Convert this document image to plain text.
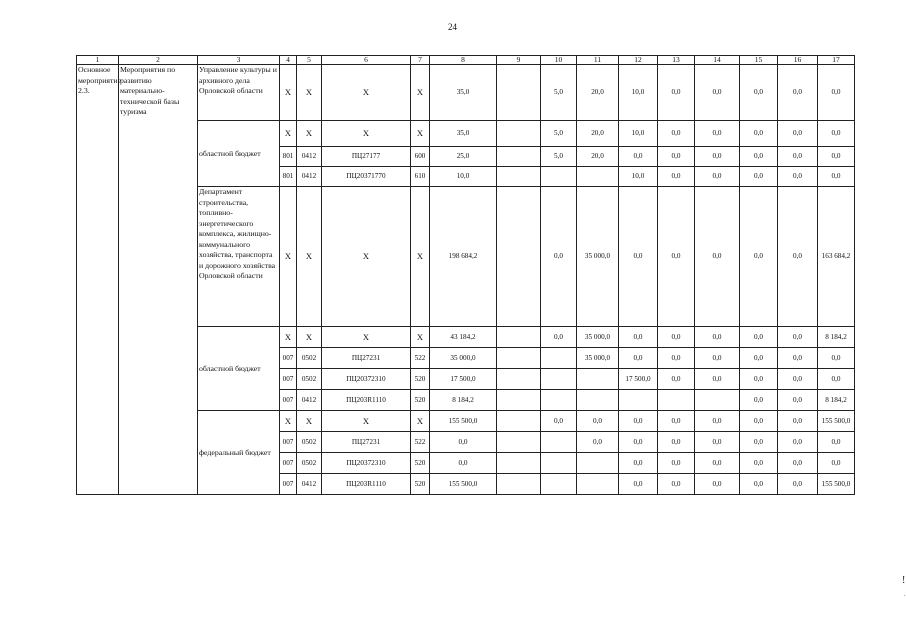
24
1	2	3	4	5	6	7	8	9	10	11	12	13	14	15	16	17
Основное мероприятие 2.3.	Мероприятия по развитию материально-технической базы туризма	Управление культуры и архивного дела Орловской области	X	X	X	X	35,0		5,0	20,0	10,0	0,0	0,0	0,0	0,0	0,0
		областной бюджет	X	X	X	X	35,0		5,0	20,0	10,0	0,0	0,0	0,0	0,0	0,0
			801	0412	ПЦ27177	600	25,0		5,0	20,0	0,0	0,0	0,0	0,0	0,0	0,0
			801	0412	ПЦ20371770	610	10,0				10,0	0,0	0,0	0,0	0,0	0,0
		Департамент строительства, топливно-энергетического комплекса, жилищно-коммунального хозяйства, транспорта и дорожного хозяйства Орловской области	X	X	X	X	198 684,2		0,0	35 000,0	0,0	0,0	0,0	0,0	0,0	163 684,2
		областной бюджет	X	X	X	X	43 184,2		0,0	35 000,0	0,0	0,0	0,0	0,0	0,0	8 184,2
			007	0502	ПЦ27231	522	35 000,0			35 000,0	0,0	0,0	0,0	0,0	0,0	0,0
			007	0502	ПЦ20372310	520	17 500,0				17 500,0	0,0	0,0	0,0	0,0	0,0
			007	0412	ПЦ203R1110	520	8 184,2							0,0	0,0	8 184,2
		федеральный бюджет	X	X	X	X	155 500,0		0,0	0,0	0,0	0,0	0,0	0,0	0,0	155 500,0
			007	0502	ПЦ27231	522	0,0			0,0	0,0	0,0	0,0	0,0	0,0	0,0
			007	0502	ПЦ20372310	520	0,0				0,0	0,0	0,0	0,0	0,0	0,0
			007	0412	ПЦ203R1110	520	155 500,0				0,0	0,0	0,0	0,0	0,0	155 500,0
!
.
